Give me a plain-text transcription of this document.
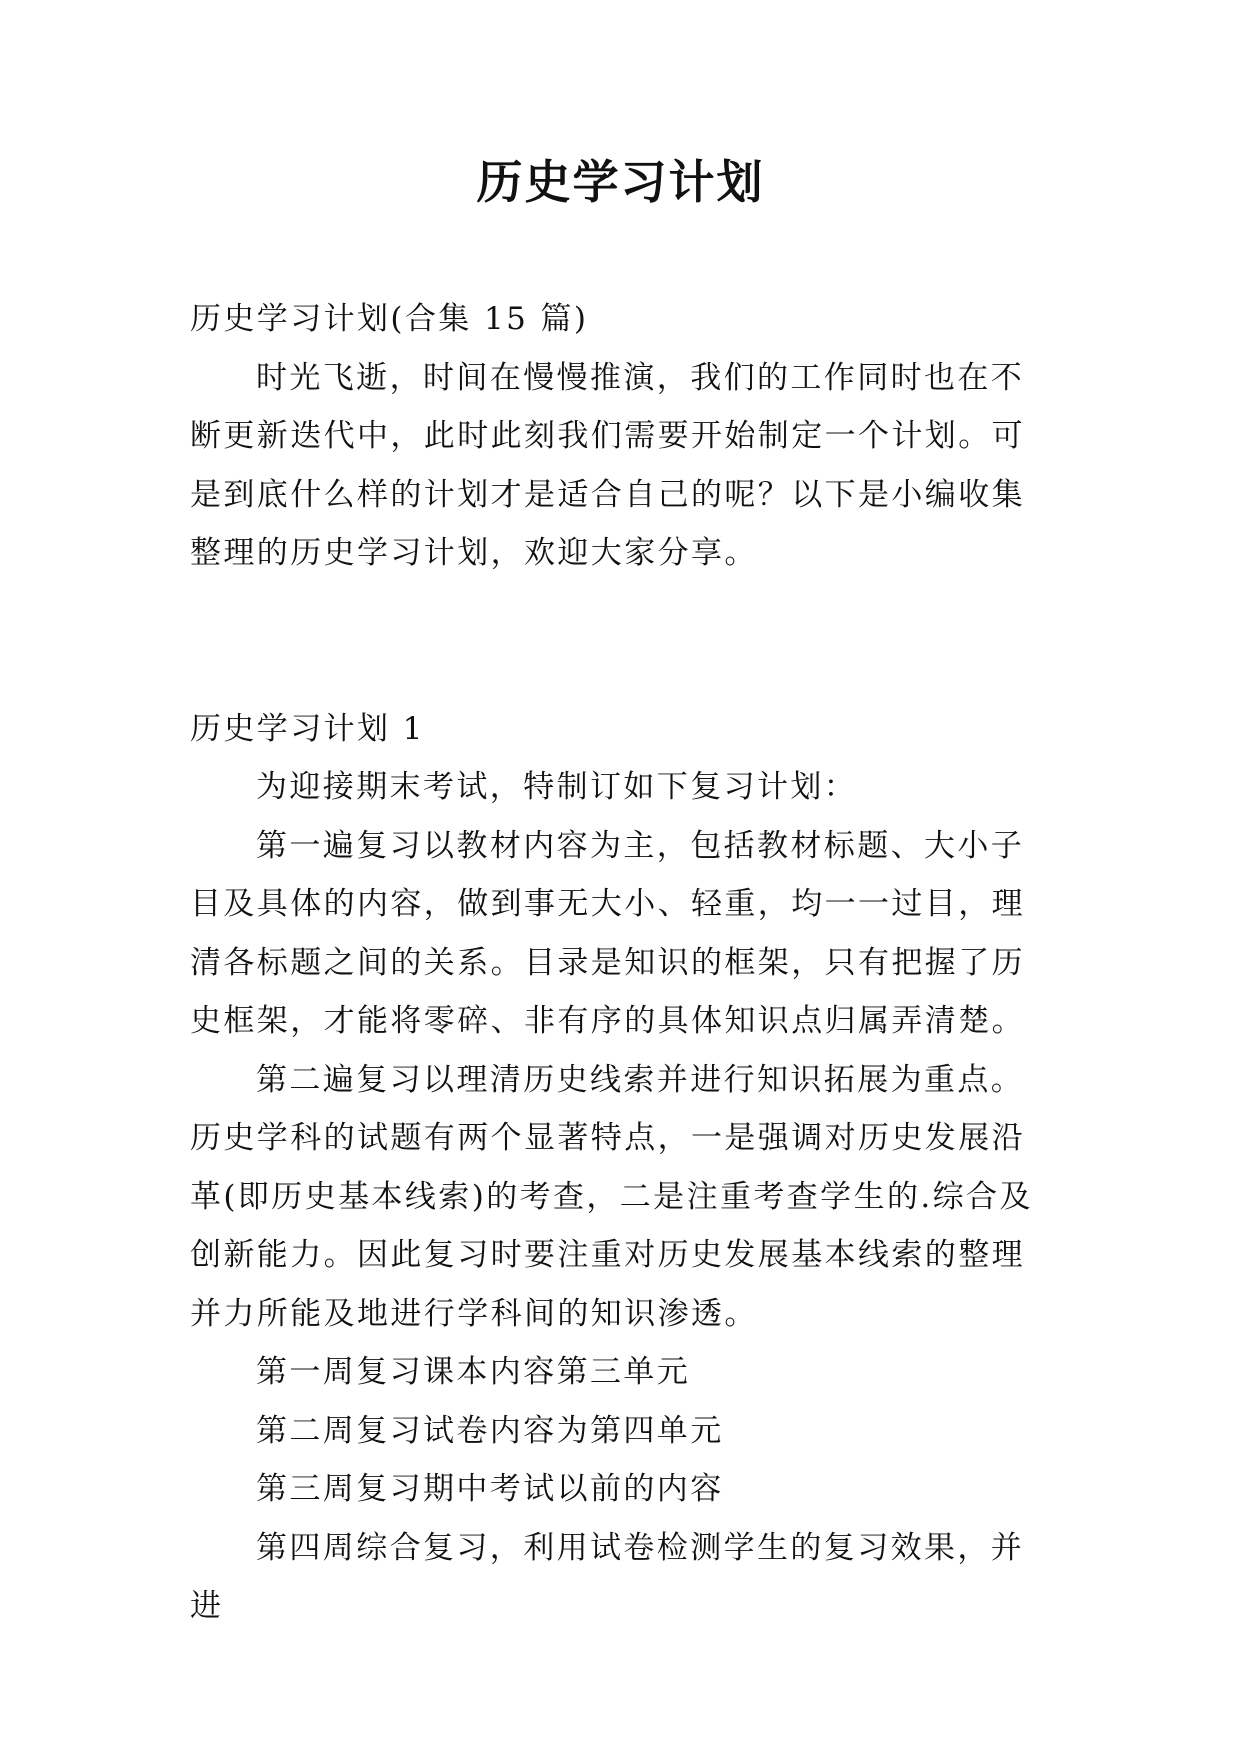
历史学习计划

历史学习计划(合集 15 篇)

时光飞逝，时间在慢慢推演，我们的工作同时也在不断更新迭代中，此时此刻我们需要开始制定一个计划。可是到底什么样的计划才是适合自己的呢？以下是小编收集整理的历史学习计划，欢迎大家分享。

历史学习计划 1

为迎接期末考试，特制订如下复习计划：

第一遍复习以教材内容为主，包括教材标题、大小子目及具体的内容，做到事无大小、轻重，均一一过目，理清各标题之间的关系。目录是知识的框架，只有把握了历史框架，才能将零碎、非有序的具体知识点归属弄清楚。

第二遍复习以理清历史线索并进行知识拓展为重点。历史学科的试题有两个显著特点，一是强调对历史发展沿革(即历史基本线索)的考查，二是注重考查学生的.综合及创新能力。因此复习时要注重对历史发展基本线索的整理并力所能及地进行学科间的知识渗透。

第一周复习课本内容第三单元

第二周复习试卷内容为第四单元

第三周复习期中考试以前的内容

第四周综合复习，利用试卷检测学生的复习效果，并进
